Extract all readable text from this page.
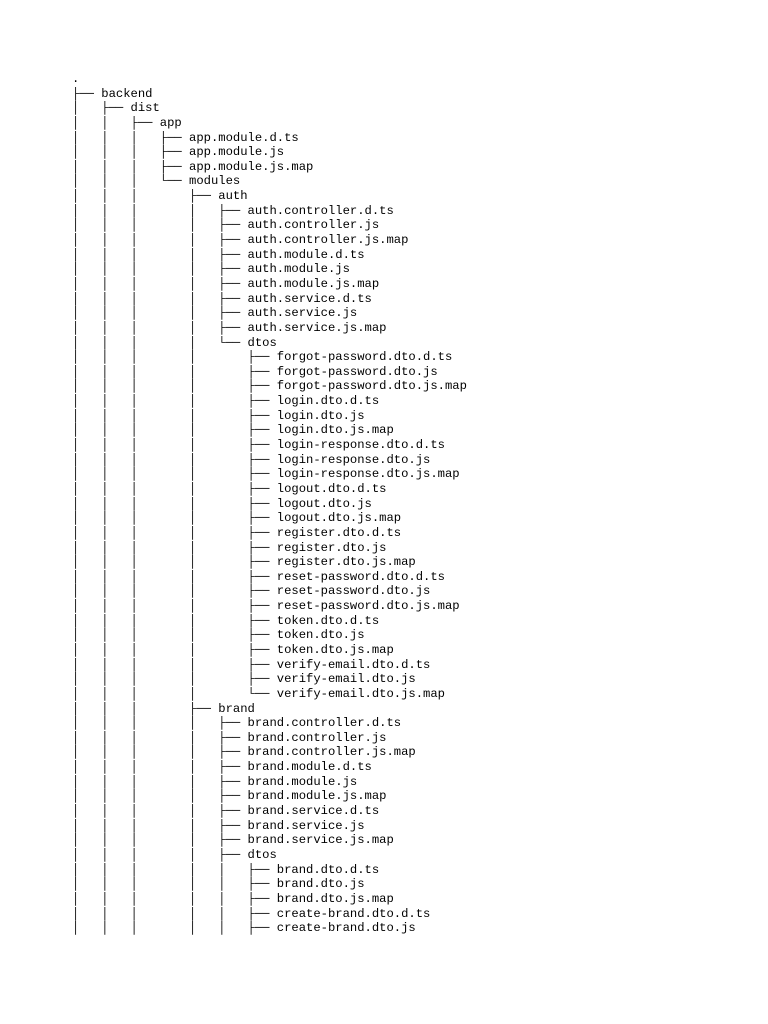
.
├── backend
│   ├── dist
│   │   ├── app
│   │   │   ├── app.module.d.ts
│   │   │   ├── app.module.js
│   │   │   ├── app.module.js.map
│   │   │   └── modules
│   │   │       ├── auth
│   │   │       │   ├── auth.controller.d.ts
│   │   │       │   ├── auth.controller.js
│   │   │       │   ├── auth.controller.js.map
│   │   │       │   ├── auth.module.d.ts
│   │   │       │   ├── auth.module.js
│   │   │       │   ├── auth.module.js.map
│   │   │       │   ├── auth.service.d.ts
│   │   │       │   ├── auth.service.js
│   │   │       │   ├── auth.service.js.map
│   │   │       │   └── dtos
│   │   │       │       ├── forgot-password.dto.d.ts
│   │   │       │       ├── forgot-password.dto.js
│   │   │       │       ├── forgot-password.dto.js.map
│   │   │       │       ├── login.dto.d.ts
│   │   │       │       ├── login.dto.js
│   │   │       │       ├── login.dto.js.map
│   │   │       │       ├── login-response.dto.d.ts
│   │   │       │       ├── login-response.dto.js
│   │   │       │       ├── login-response.dto.js.map
│   │   │       │       ├── logout.dto.d.ts
│   │   │       │       ├── logout.dto.js
│   │   │       │       ├── logout.dto.js.map
│   │   │       │       ├── register.dto.d.ts
│   │   │       │       ├── register.dto.js
│   │   │       │       ├── register.dto.js.map
│   │   │       │       ├── reset-password.dto.d.ts
│   │   │       │       ├── reset-password.dto.js
│   │   │       │       ├── reset-password.dto.js.map
│   │   │       │       ├── token.dto.d.ts
│   │   │       │       ├── token.dto.js
│   │   │       │       ├── token.dto.js.map
│   │   │       │       ├── verify-email.dto.d.ts
│   │   │       │       ├── verify-email.dto.js
│   │   │       │       └── verify-email.dto.js.map
│   │   │       ├── brand
│   │   │       │   ├── brand.controller.d.ts
│   │   │       │   ├── brand.controller.js
│   │   │       │   ├── brand.controller.js.map
│   │   │       │   ├── brand.module.d.ts
│   │   │       │   ├── brand.module.js
│   │   │       │   ├── brand.module.js.map
│   │   │       │   ├── brand.service.d.ts
│   │   │       │   ├── brand.service.js
│   │   │       │   ├── brand.service.js.map
│   │   │       │   ├── dtos
│   │   │       │   │   ├── brand.dto.d.ts
│   │   │       │   │   ├── brand.dto.js
│   │   │       │   │   ├── brand.dto.js.map
│   │   │       │   │   ├── create-brand.dto.d.ts
│   │   │       │   │   ├── create-brand.dto.js
